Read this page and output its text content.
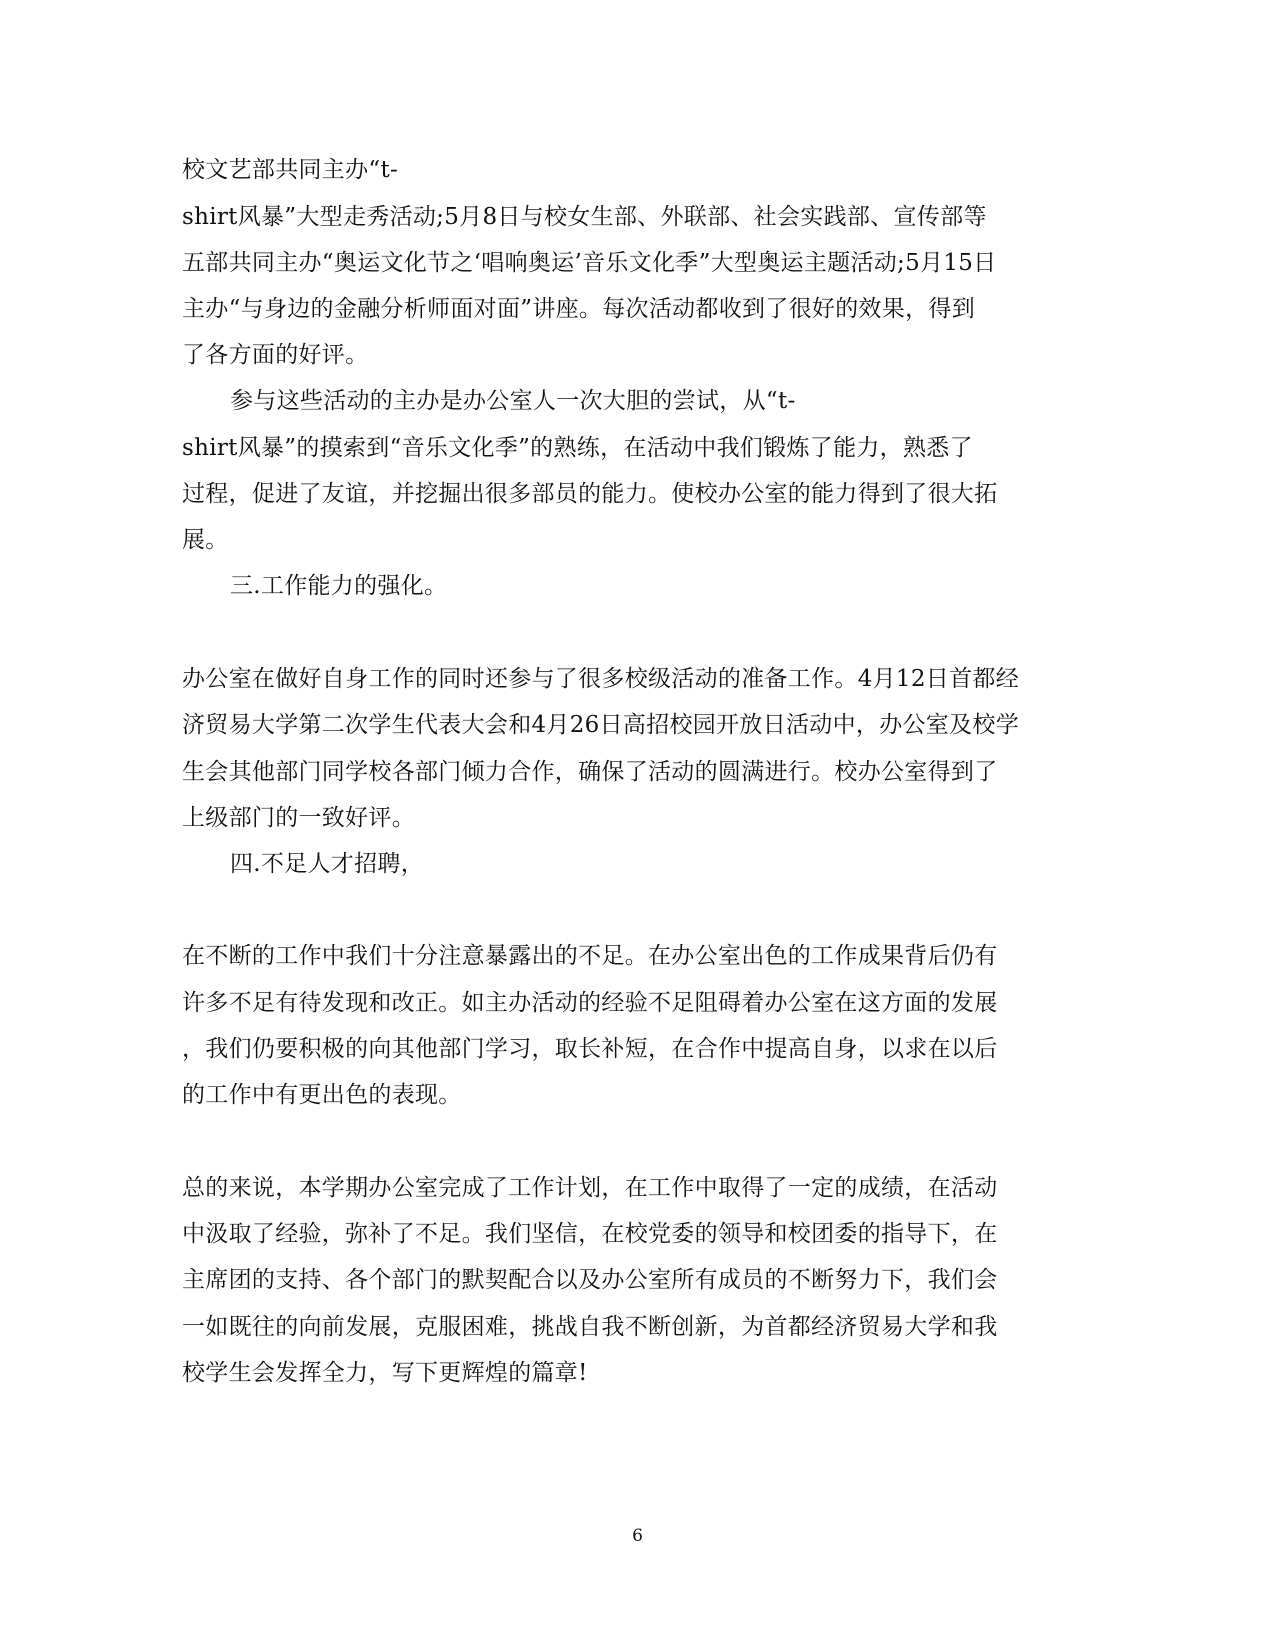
校文艺部共同主办“t-
shirt风暴”大型走秀活动;5月8日与校女生部、外联部、社会实践部、宣传部等
五部共同主办“奥运文化节之‘唱响奥运’音乐文化季”大型奥运主题活动;5月15日
主办“与身边的金融分析师面对面”讲座。每次活动都收到了很好的效果，得到
了各方面的好评。
参与这些活动的主办是办公室人一次大胆的尝试，从“t-
shirt风暴”的摸索到“音乐文化季”的熟练，在活动中我们锻炼了能力，熟悉了
过程，促进了友谊，并挖掘出很多部员的能力。使校办公室的能力得到了很大拓
展。
三.工作能力的强化。
办公室在做好自身工作的同时还参与了很多校级活动的准备工作。4月12日首都经
济贸易大学第二次学生代表大会和4月26日高招校园开放日活动中，办公室及校学
生会其他部门同学校各部门倾力合作，确保了活动的圆满进行。校办公室得到了
上级部门的一致好评。
四.不足人才招聘，
在不断的工作中我们十分注意暴露出的不足。在办公室出色的工作成果背后仍有
许多不足有待发现和改正。如主办活动的经验不足阻碍着办公室在这方面的发展
，我们仍要积极的向其他部门学习，取长补短，在合作中提高自身，以求在以后
的工作中有更出色的表现。
总的来说，本学期办公室完成了工作计划，在工作中取得了一定的成绩，在活动
中汲取了经验，弥补了不足。我们坚信，在校党委的领导和校团委的指导下，在
主席团的支持、各个部门的默契配合以及办公室所有成员的不断努力下，我们会
一如既往的向前发展，克服困难，挑战自我不断创新，为首都经济贸易大学和我
校学生会发挥全力，写下更辉煌的篇章!
6
